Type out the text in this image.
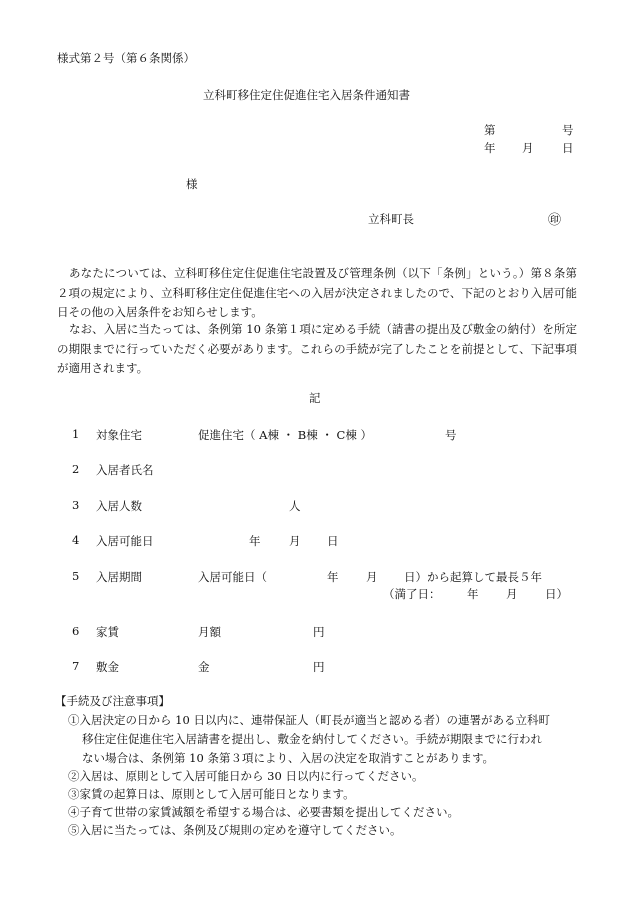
様式第２号（第６条関係）
立科町移住定住促進住宅入居条件通知書
第	号
年 月 日
様
立科町長	㊞

あなたについては、立科町移住定住促進住宅設置及び管理条例（以下「条例」という。）第８条第２項の規定により、立科町移住定住促進住宅への入居が決定されましたので、下記のとおり入居可能日その他の入居条件をお知らせします。

なお、入居に当たっては、条例第 10 条第１項に定める手続（請書の提出及び敷金の納付）を所定の期限までに行っていただく必要があります。これらの手続が完了したことを前提として、下記事項が適用されます。

記
1 対象住宅	促進住宅（ A棟 ・ B棟 ・ C棟 ）	号
2 入居者氏名
3 入居人数	人
4 入居可能日	年 月 日
5 入居期間	入居可能日（	年 月 日）から起算して最長５年
（満了日： 年 月 日）
6 家賃	月額	円
7 敷金	金	円
【手続及び注意事項】
①入居決定の日から 10 日以内に、連帯保証人（町長が適当と認める者）の連署がある立科町
移住定住促進住宅入居請書を提出し、敷金を納付してください。手続が期限までに行われ
ない場合は、条例第 10 条第３項により、入居の決定を取消すことがあります。
②入居は、原則として入居可能日から 30 日以内に行ってください。
③家賃の起算日は、原則として入居可能日となります。
④子育て世帯の家賃減額を希望する場合は、必要書類を提出してください。
⑤入居に当たっては、条例及び規則の定めを遵守してください。
